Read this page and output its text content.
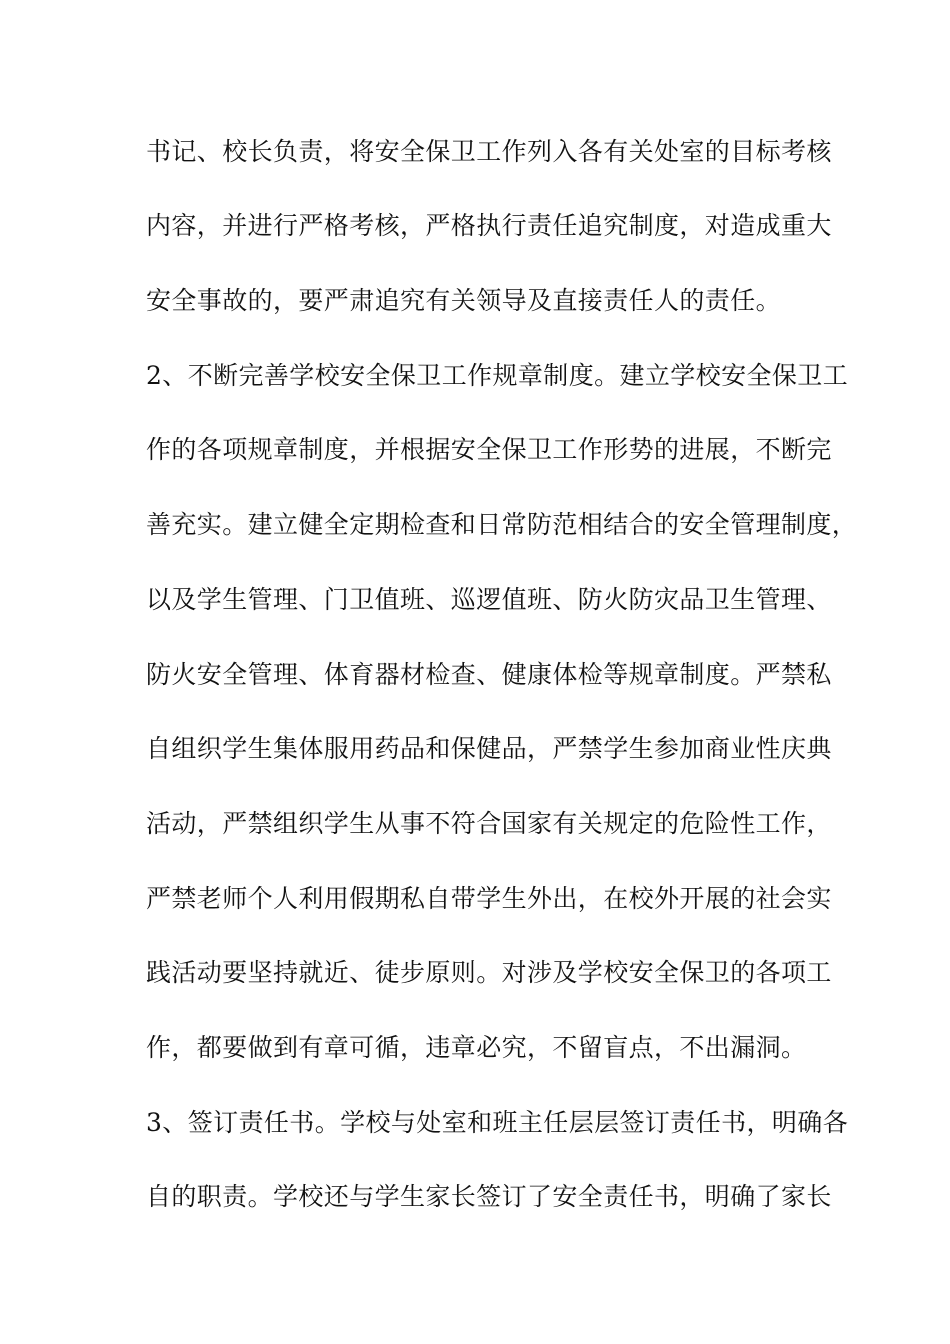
书记、校长负责，将安全保卫工作列入各有关处室的目标考核
内容，并进行严格考核，严格执行责任追究制度，对造成重大
安全事故的，要严肃追究有关领导及直接责任人的责任。
2、不断完善学校安全保卫工作规章制度。建立学校安全保卫工
作的各项规章制度，并根据安全保卫工作形势的进展，不断完
善充实。建立健全定期检查和日常防范相结合的安全管理制度，
以及学生管理、门卫值班、巡逻值班、防火防灾品卫生管理、
防火安全管理、体育器材检查、健康体检等规章制度。严禁私
自组织学生集体服用药品和保健品，严禁学生参加商业性庆典
活动，严禁组织学生从事不符合国家有关规定的危险性工作，
严禁老师个人利用假期私自带学生外出，在校外开展的社会实
践活动要坚持就近、徒步原则。对涉及学校安全保卫的各项工
作，都要做到有章可循，违章必究，不留盲点，不出漏洞。
3、签订责任书。学校与处室和班主任层层签订责任书，明确各
自的职责。学校还与学生家长签订了安全责任书，明确了家长
